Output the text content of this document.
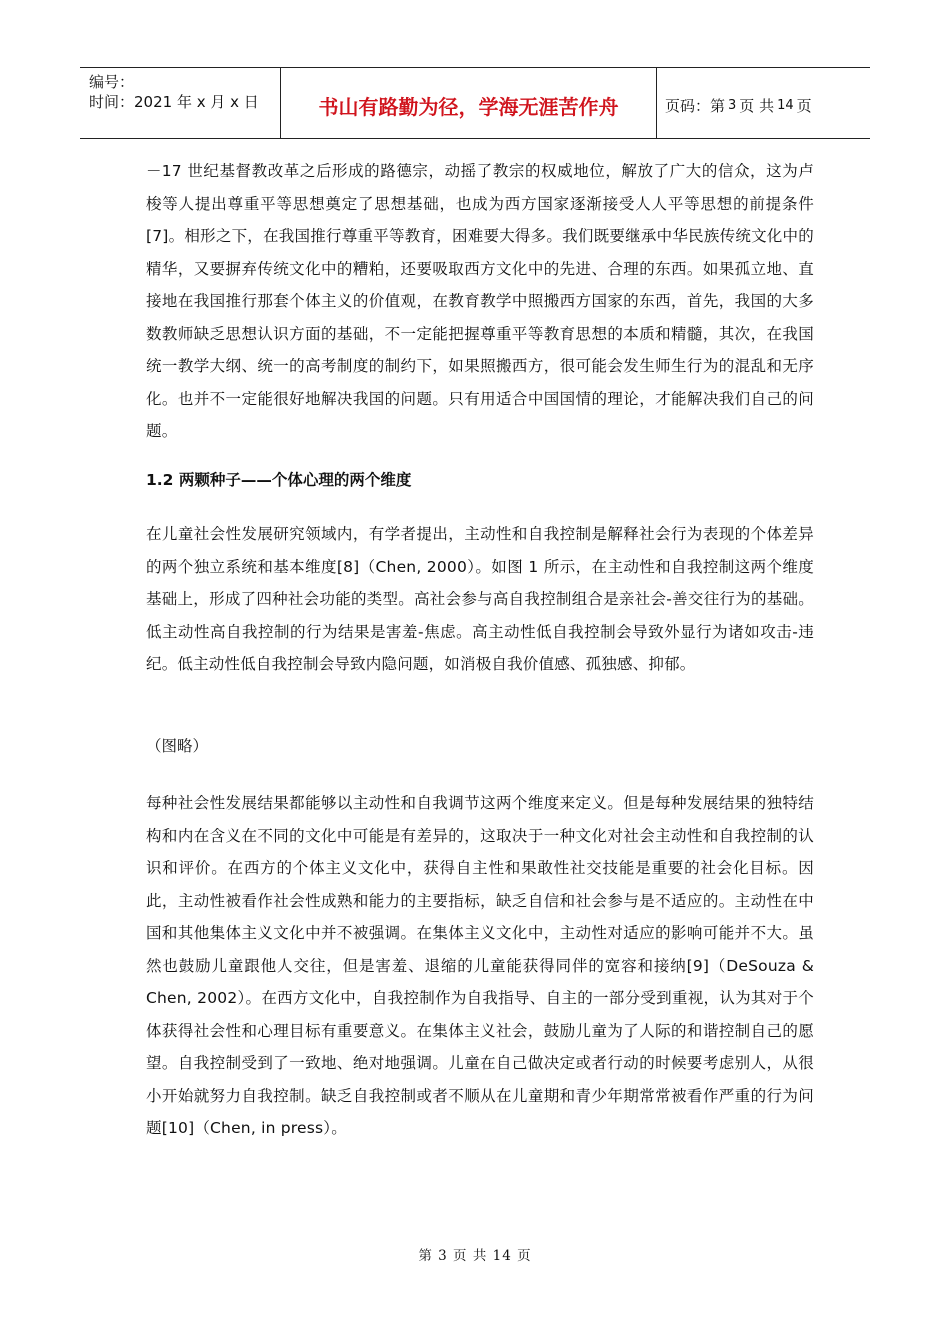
编号：
时间：2021 年 x 月 x 日	书山有路勤为径，学海无涯苦作舟	页码：第 3 页 共 14 页

－17 世纪基督教改革之后形成的路德宗，动摇了教宗的权威地位，解放了广大的信众，这为卢梭等人提出尊重平等思想奠定了思想基础，也成为西方国家逐渐接受人人平等思想的前提条件[7]。相形之下，在我国推行尊重平等教育，困难要大得多。我们既要继承中华民族传统文化中的精华，又要摒弃传统文化中的糟粕，还要吸取西方文化中的先进、合理的东西。如果孤立地、直接地在我国推行那套个体主义的价值观，在教育教学中照搬西方国家的东西，首先，我国的大多数教师缺乏思想认识方面的基础，不一定能把握尊重平等教育思想的本质和精髓，其次，在我国统一教学大纲、统一的高考制度的制约下，如果照搬西方，很可能会发生师生行为的混乱和无序化。也并不一定能很好地解决我国的问题。只有用适合中国国情的理论，才能解决我们自己的问题。

1.2 两颗种子——个体心理的两个维度

在儿童社会性发展研究领域内，有学者提出，主动性和自我控制是解释社会行为表现的个体差异的两个独立系统和基本维度[8]（Chen, 2000）。如图 1 所示，在主动性和自我控制这两个维度基础上，形成了四种社会功能的类型。高社会参与高自我控制组合是亲社会-善交往行为的基础。低主动性高自我控制的行为结果是害羞-焦虑。高主动性低自我控制会导致外显行为诸如攻击-违纪。低主动性低自我控制会导致内隐问题，如消极自我价值感、孤独感、抑郁。

（图略）

每种社会性发展结果都能够以主动性和自我调节这两个维度来定义。但是每种发展结果的独特结构和内在含义在不同的文化中可能是有差异的，这取决于一种文化对社会主动性和自我控制的认识和评价。在西方的个体主义文化中，获得自主性和果敢性社交技能是重要的社会化目标。因此，主动性被看作社会性成熟和能力的主要指标，缺乏自信和社会参与是不适应的。主动性在中国和其他集体主义文化中并不被强调。在集体主义文化中，主动性对适应的影响可能并不大。虽然也鼓励儿童跟他人交往，但是害羞、退缩的儿童能获得同伴的宽容和接纳[9]（DeSouza & Chen, 2002）。在西方文化中，自我控制作为自我指导、自主的一部分受到重视，认为其对于个体获得社会性和心理目标有重要意义。在集体主义社会，鼓励儿童为了人际的和谐控制自己的愿望。自我控制受到了一致地、绝对地强调。儿童在自己做决定或者行动的时候要考虑别人，从很小开始就努力自我控制。缺乏自我控制或者不顺从在儿童期和青少年期常常被看作严重的行为问题[10]（Chen, in press）。

第 3 页 共 14 页
